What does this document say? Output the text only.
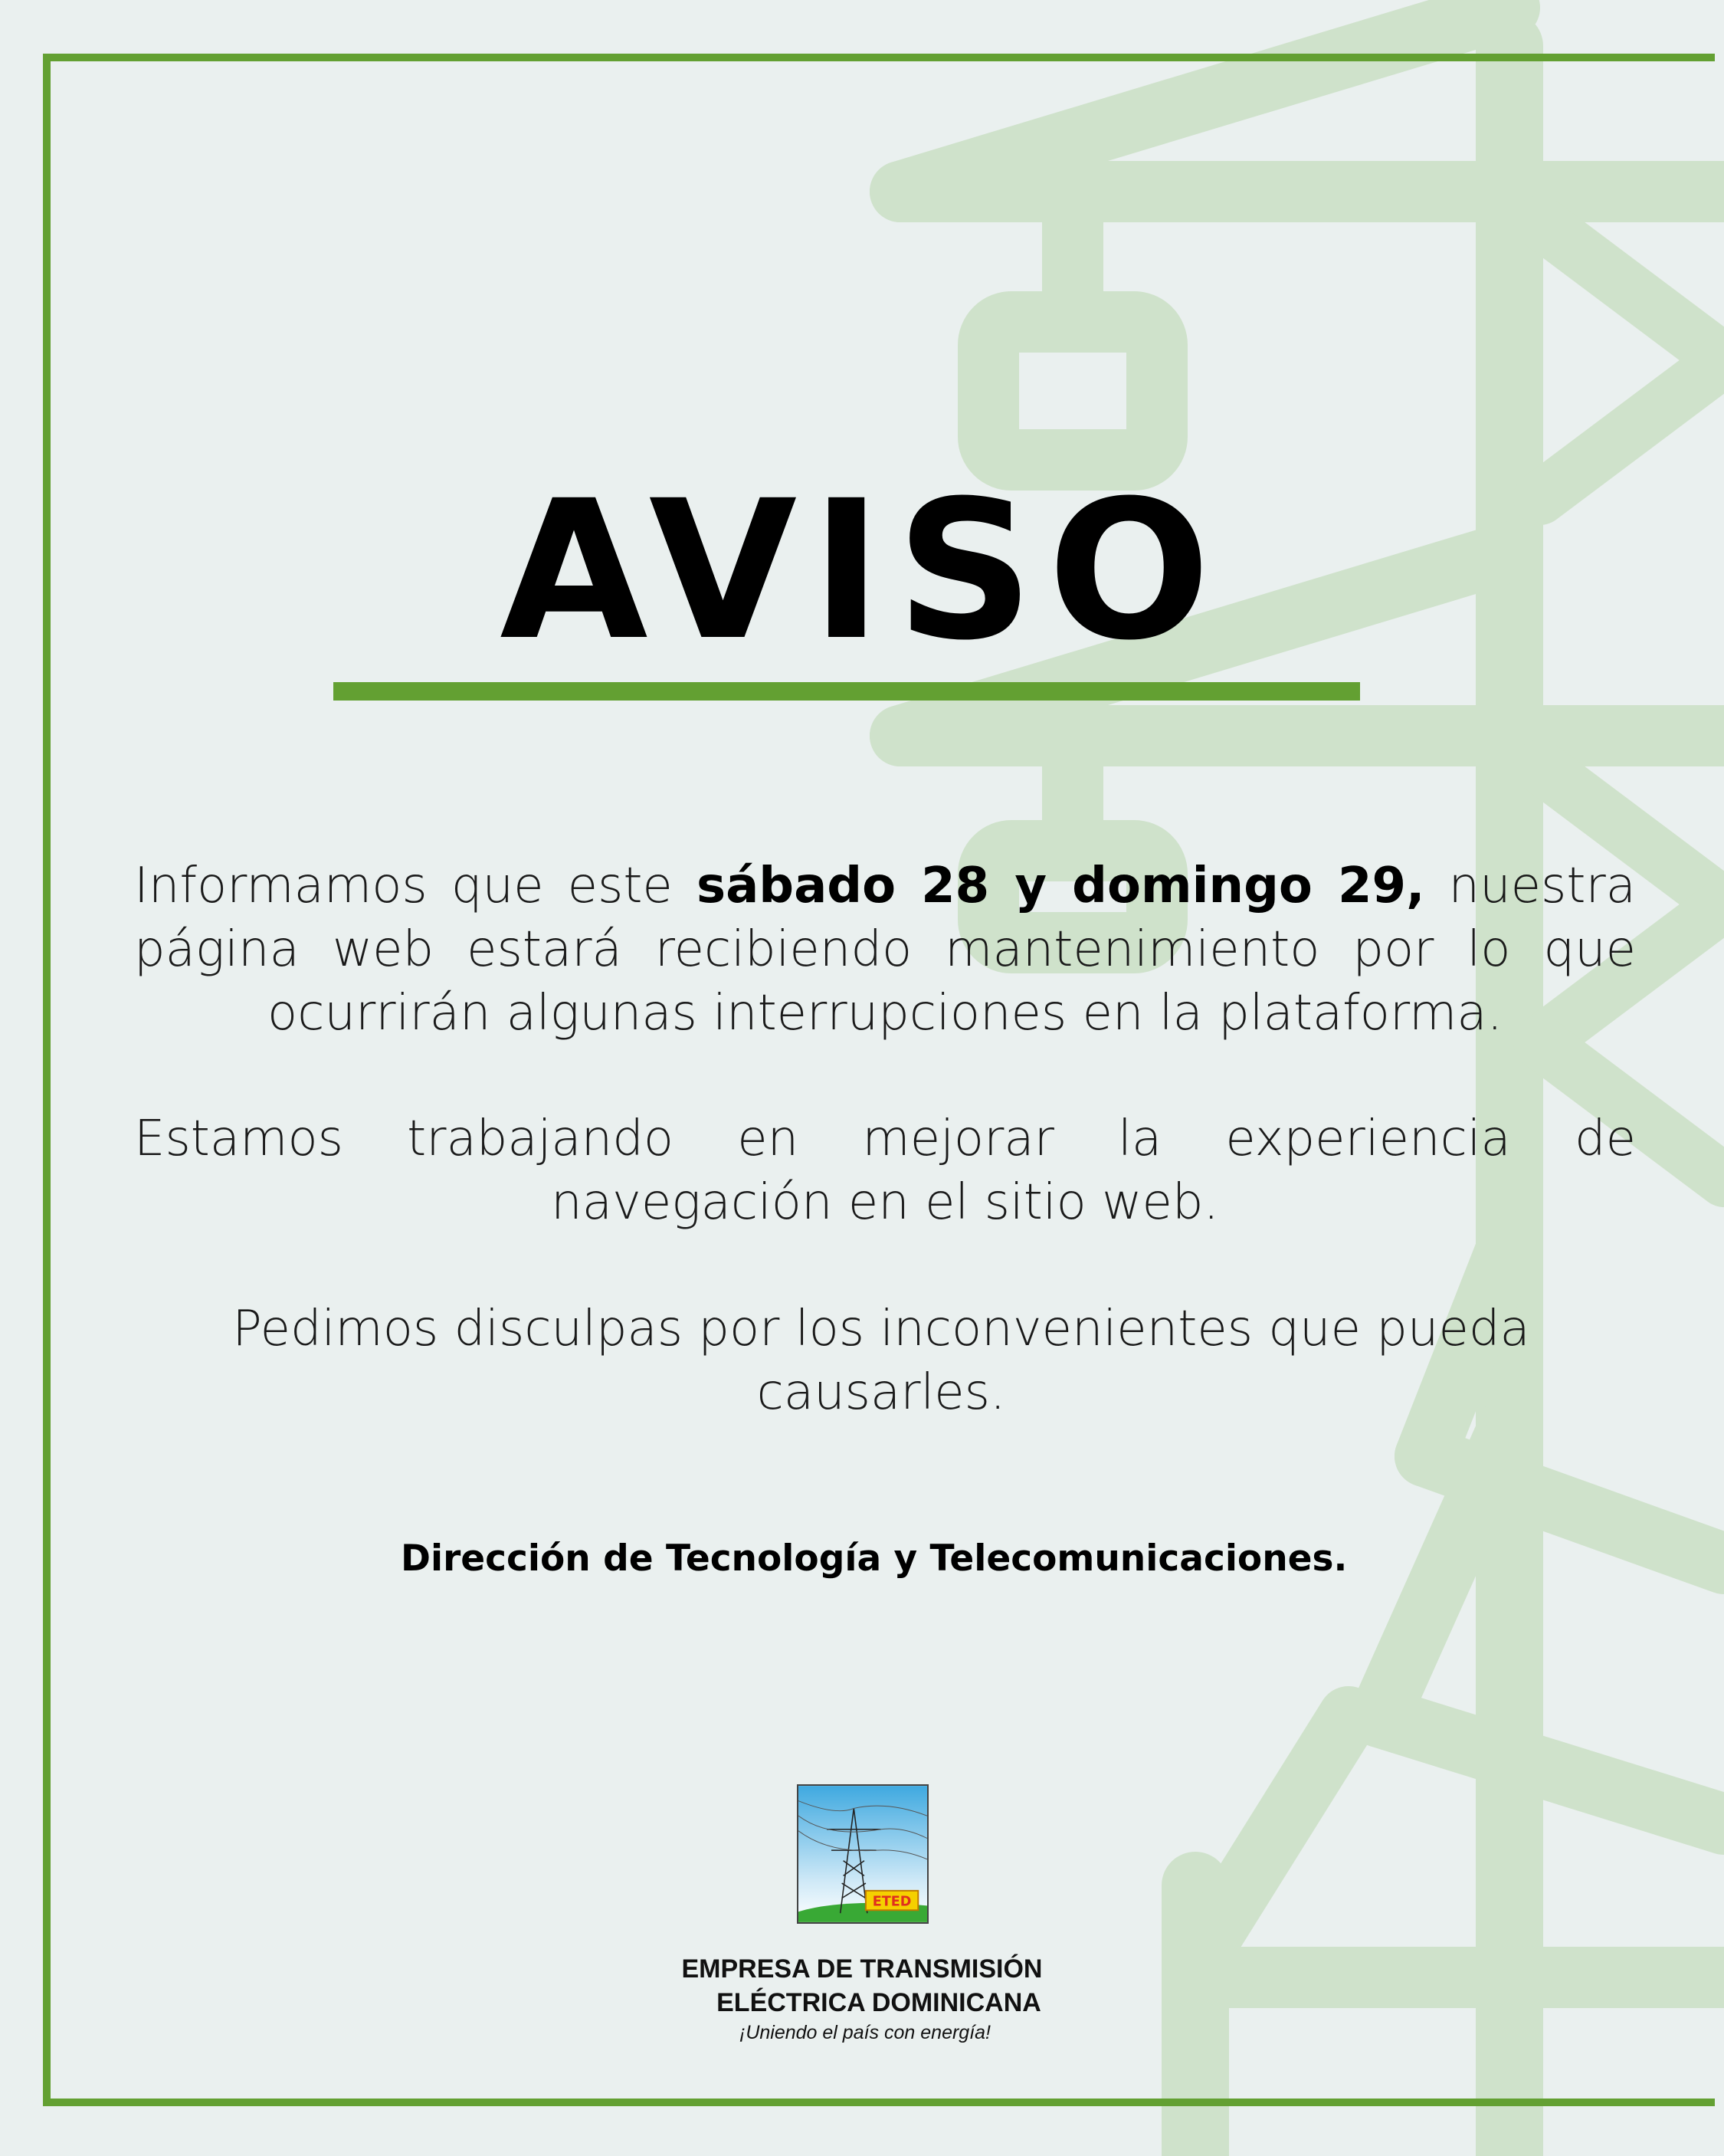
AVISO

Informamos que este sábado 28 y domingo 29, nuestra página web estará recibiendo mantenimiento por lo que ocurrirán algunas interrupciones en la plataforma.

Estamos trabajando en mejorar la experiencia de navegación en el sitio web.

Pedimos disculpas por los inconvenientes que pueda causarles.

Dirección de Tecnología y Telecomunicaciones.

ETED
EMPRESA DE TRANSMISIÓN
ELÉCTRICA DOMINICANA
¡Uniendo el país con energía!
